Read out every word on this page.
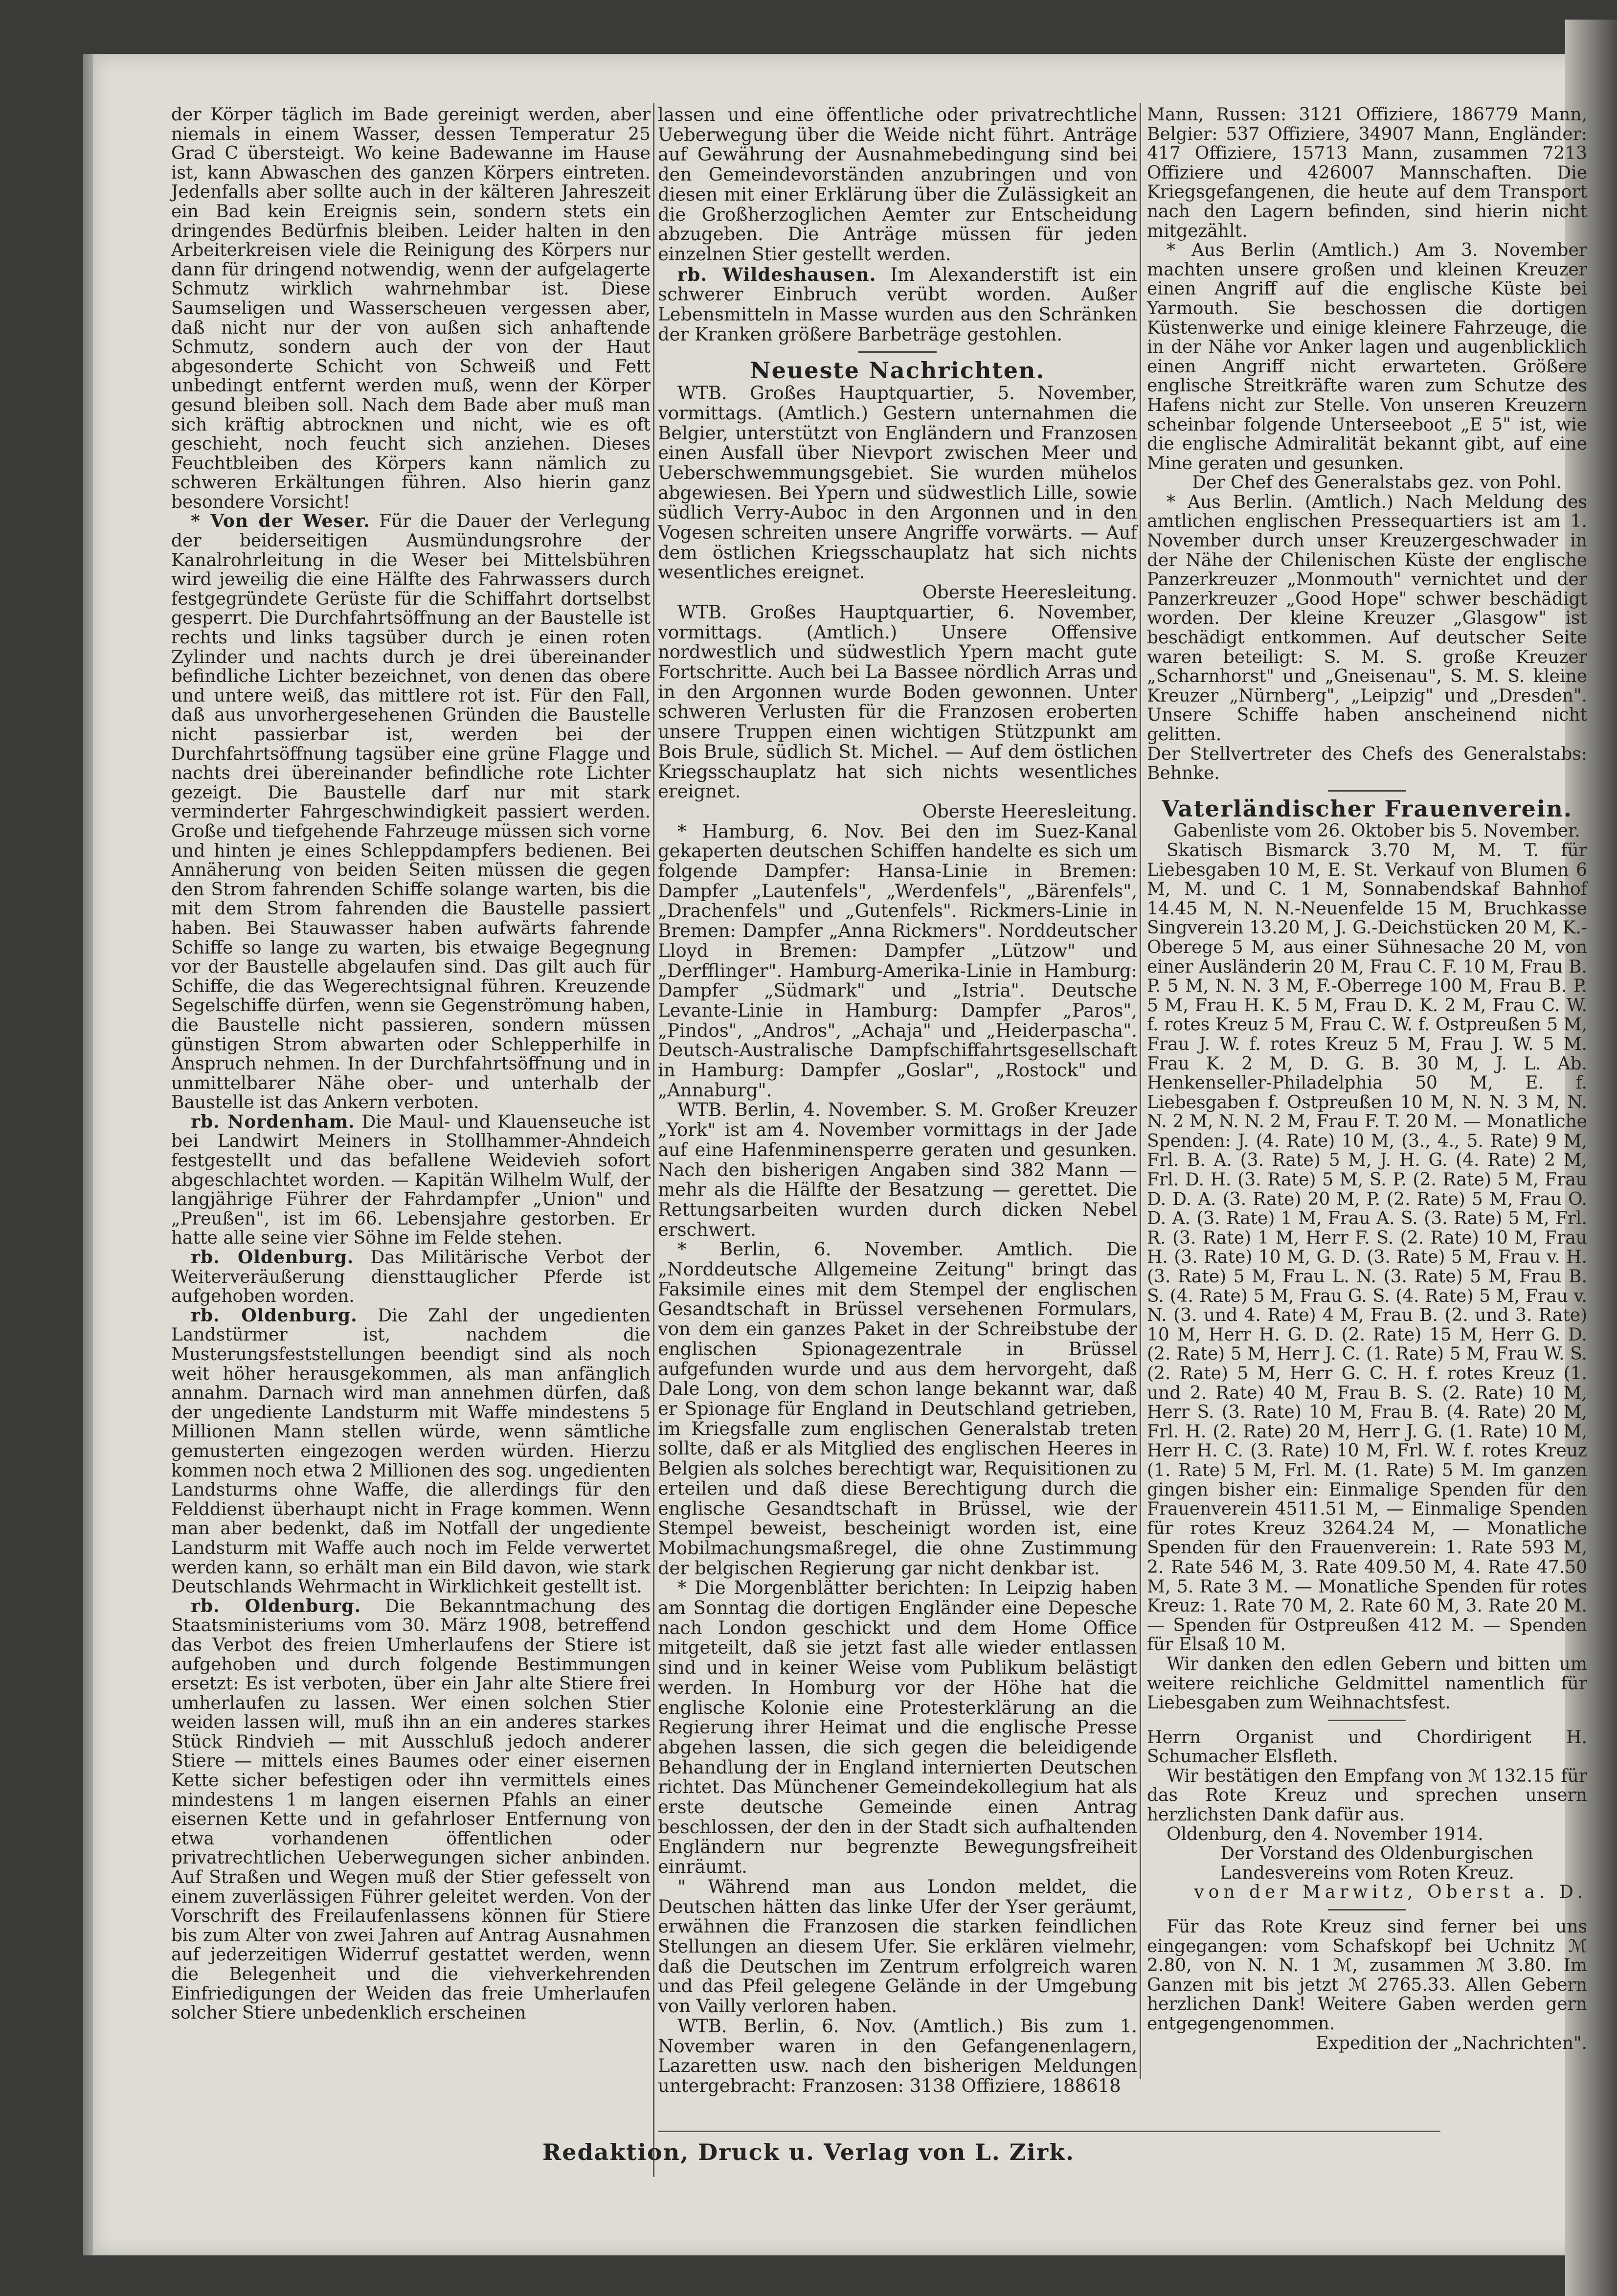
der Körper täglich im Bade gereinigt werden, aber niemals in einem Wasser, dessen Temperatur 25 Grad C übersteigt. Wo keine Badewanne im Hause ist, kann Abwaschen des ganzen Körpers eintreten. Jedenfalls aber sollte auch in der kälteren Jahreszeit ein Bad kein Ereignis sein, sondern stets ein dringendes Bedürfnis bleiben. Leider halten in den Arbeiterkreisen viele die Reinigung des Körpers nur dann für dringend notwendig, wenn der aufgelagerte Schmutz wirklich wahrnehmbar ist. Diese Saumseligen und Wasserscheuen vergessen aber, daß nicht nur der von außen sich anhaftende Schmutz, sondern auch der von der Haut abgesonderte Schicht von Schweiß und Fett unbedingt entfernt werden muß, wenn der Körper gesund bleiben soll. Nach dem Bade aber muß man sich kräftig abtrocknen und nicht, wie es oft geschieht, noch feucht sich anziehen. Dieses Feuchtbleiben des Körpers kann nämlich zu schweren Erkältungen führen. Also hierin ganz besondere Vorsicht!

* Von der Weser. Für die Dauer der Verlegung der beiderseitigen Ausmündungsrohre der Kanalrohrleitung in die Weser bei Mittelsbühren wird jeweilig die eine Hälfte des Fahrwassers durch festgegründete Gerüste für die Schiffahrt dortselbst gesperrt. Die Durchfahrtsöffnung an der Baustelle ist rechts und links tagsüber durch je einen roten Zylinder und nachts durch je drei übereinander befindliche Lichter bezeichnet, von denen das obere und untere weiß, das mittlere rot ist. Für den Fall, daß aus unvorhergesehenen Gründen die Baustelle nicht passierbar ist, werden bei der Durchfahrtsöffnung tagsüber eine grüne Flagge und nachts drei übereinander befindliche rote Lichter gezeigt. Die Baustelle darf nur mit stark verminderter Fahrgeschwindigkeit passiert werden. Große und tiefgehende Fahrzeuge müssen sich vorne und hinten je eines Schleppdampfers bedienen. Bei Annäherung von beiden Seiten müssen die gegen den Strom fahrenden Schiffe solange warten, bis die mit dem Strom fahrenden die Baustelle passiert haben. Bei Stauwasser haben aufwärts fahrende Schiffe so lange zu warten, bis etwaige Begegnung vor der Baustelle abgelaufen sind. Das gilt auch für Schiffe, die das Wegerechtsignal führen. Kreuzende Segelschiffe dürfen, wenn sie Gegenströmung haben, die Baustelle nicht passieren, sondern müssen günstigen Strom abwarten oder Schlepperhilfe in Anspruch nehmen. In der Durchfahrtsöffnung und in unmittelbarer Nähe ober- und unterhalb der Baustelle ist das Ankern verboten.

rb. Nordenham. Die Maul- und Klauenseuche ist bei Landwirt Meiners in Stollhammer-Ahndeich festgestellt und das befallene Weidevieh sofort abgeschlachtet worden. — Kapitän Wilhelm Wulf, der langjährige Führer der Fahrdampfer „Union" und „Preußen", ist im 66. Lebensjahre gestorben. Er hatte alle seine vier Söhne im Felde stehen.

rb. Oldenburg. Das Militärische Verbot der Weiterveräußerung diensttauglicher Pferde ist aufgehoben worden.

rb. Oldenburg. Die Zahl der ungedienten Landstürmer ist, nachdem die Musterungsfeststellungen beendigt sind als noch weit höher herausgekommen, als man anfänglich annahm. Darnach wird man annehmen dürfen, daß der ungediente Landsturm mit Waffe mindestens 5 Millionen Mann stellen würde, wenn sämtliche gemusterten eingezogen werden würden. Hierzu kommen noch etwa 2 Millionen des sog. ungedienten Landsturms ohne Waffe, die allerdings für den Felddienst überhaupt nicht in Frage kommen. Wenn man aber bedenkt, daß im Notfall der ungediente Landsturm mit Waffe auch noch im Felde verwertet werden kann, so erhält man ein Bild davon, wie stark Deutschlands Wehrmacht in Wirklichkeit gestellt ist.

rb. Oldenburg. Die Bekanntmachung des Staatsministeriums vom 30. März 1908, betreffend das Verbot des freien Umherlaufens der Stiere ist aufgehoben und durch folgende Bestimmungen ersetzt: Es ist verboten, über ein Jahr alte Stiere frei umherlaufen zu lassen. Wer einen solchen Stier weiden lassen will, muß ihn an ein anderes starkes Stück Rindvieh — mit Ausschluß jedoch anderer Stiere — mittels eines Baumes oder einer eisernen Kette sicher befestigen oder ihn vermittels eines mindestens 1 m langen eisernen Pfahls an einer eisernen Kette und in gefahrloser Entfernung von etwa vorhandenen öffentlichen oder privatrechtlichen Ueberwegungen sicher anbinden. Auf Straßen und Wegen muß der Stier gefesselt von einem zuverlässigen Führer geleitet werden. Von der Vorschrift des Freilaufenlassens können für Stiere bis zum Alter von zwei Jahren auf Antrag Ausnahmen auf jederzeitigen Widerruf gestattet werden, wenn die Belegenheit und die viehverkehrenden Einfriedigungen der Weiden das freie Umherlaufen solcher Stiere unbedenklich erscheinen

lassen und eine öffentliche oder privatrechtliche Ueberwegung über die Weide nicht führt. Anträge auf Gewährung der Ausnahmebedingung sind bei den Gemeindevorständen anzubringen und von diesen mit einer Erklärung über die Zulässigkeit an die Großherzoglichen Aemter zur Entscheidung abzugeben. Die Anträge müssen für jeden einzelnen Stier gestellt werden.

rb. Wildeshausen. Im Alexanderstift ist ein schwerer Einbruch verübt worden. Außer Lebensmitteln in Masse wurden aus den Schränken der Kranken größere Barbeträge gestohlen.

Neueste Nachrichten.

WTB. Großes Hauptquartier, 5. November, vormittags. (Amtlich.) Gestern unternahmen die Belgier, unterstützt von Engländern und Franzosen einen Ausfall über Nievport zwischen Meer und Ueberschwemmungsgebiet. Sie wurden mühelos abgewiesen. Bei Ypern und südwestlich Lille, sowie südlich Verry-Auboc in den Argonnen und in den Vogesen schreiten unsere Angriffe vorwärts. — Auf dem östlichen Kriegsschauplatz hat sich nichts wesentliches ereignet.

Oberste Heeresleitung.

WTB. Großes Hauptquartier, 6. November, vormittags. (Amtlich.) Unsere Offensive nordwestlich und südwestlich Ypern macht gute Fortschritte. Auch bei La Bassee nördlich Arras und in den Argonnen wurde Boden gewonnen. Unter schweren Verlusten für die Franzosen eroberten unsere Truppen einen wichtigen Stützpunkt am Bois Brule, südlich St. Michel. — Auf dem östlichen Kriegsschauplatz hat sich nichts wesentliches ereignet.

Oberste Heeresleitung.

* Hamburg, 6. Nov. Bei den im Suez-Kanal gekaperten deutschen Schiffen handelte es sich um folgende Dampfer: Hansa-Linie in Bremen: Dampfer „Lautenfels", „Werdenfels", „Bärenfels", „Drachenfels" und „Gutenfels". Rickmers-Linie in Bremen: Dampfer „Anna Rickmers". Norddeutscher Lloyd in Bremen: Dampfer „Lützow" und „Derfflinger". Hamburg-Amerika-Linie in Hamburg: Dampfer „Südmark" und „Istria". Deutsche Levante-Linie in Hamburg: Dampfer „Paros", „Pindos", „Andros", „Achaja" und „Heiderpascha". Deutsch-Australische Dampfschiffahrtsgesellschaft in Hamburg: Dampfer „Goslar", „Rostock" und „Annaburg".

WTB. Berlin, 4. November. S. M. Großer Kreuzer „York" ist am 4. November vormittags in der Jade auf eine Hafenminensperre geraten und gesunken. Nach den bisherigen Angaben sind 382 Mann — mehr als die Hälfte der Besatzung — gerettet. Die Rettungsarbeiten wurden durch dicken Nebel erschwert.

* Berlin, 6. November. Amtlich. Die „Norddeutsche Allgemeine Zeitung" bringt das Faksimile eines mit dem Stempel der englischen Gesandtschaft in Brüssel versehenen Formulars, von dem ein ganzes Paket in der Schreibstube der englischen Spionagezentrale in Brüssel aufgefunden wurde und aus dem hervorgeht, daß Dale Long, von dem schon lange bekannt war, daß er Spionage für England in Deutschland getrieben, im Kriegsfalle zum englischen Generalstab treten sollte, daß er als Mitglied des englischen Heeres in Belgien als solches berechtigt war, Requisitionen zu erteilen und daß diese Berechtigung durch die englische Gesandtschaft in Brüssel, wie der Stempel beweist, bescheinigt worden ist, eine Mobilmachungsmaßregel, die ohne Zustimmung der belgischen Regierung gar nicht denkbar ist.

* Die Morgenblätter berichten: In Leipzig haben am Sonntag die dortigen Engländer eine Depesche nach London geschickt und dem Home Office mitgeteilt, daß sie jetzt fast alle wieder entlassen sind und in keiner Weise vom Publikum belästigt werden. In Homburg vor der Höhe hat die englische Kolonie eine Protesterklärung an die Regierung ihrer Heimat und die englische Presse abgehen lassen, die sich gegen die beleidigende Behandlung der in England internierten Deutschen richtet. Das Münchener Gemeindekollegium hat als erste deutsche Gemeinde einen Antrag beschlossen, der den in der Stadt sich aufhaltenden Engländern nur begrenzte Bewegungsfreiheit einräumt.

" Während man aus London meldet, die Deutschen hätten das linke Ufer der Yser geräumt, erwähnen die Franzosen die starken feindlichen Stellungen an diesem Ufer. Sie erklären vielmehr, daß die Deutschen im Zentrum erfolgreich waren und das Pfeil gelegene Gelände in der Umgebung von Vailly verloren haben.

WTB. Berlin, 6. Nov. (Amtlich.) Bis zum 1. November waren in den Gefangenenlagern, Lazaretten usw. nach den bisherigen Meldungen untergebracht: Franzosen: 3138 Offiziere, 188618

Mann, Russen: 3121 Offiziere, 186779 Mann, Belgier: 537 Offiziere, 34907 Mann, Engländer: 417 Offiziere, 15713 Mann, zusammen 7213 Offiziere und 426007 Mannschaften. Die Kriegsgefangenen, die heute auf dem Transport nach den Lagern befinden, sind hierin nicht mitgezählt.

* Aus Berlin (Amtlich.) Am 3. November machten unsere großen und kleinen Kreuzer einen Angriff auf die englische Küste bei Yarmouth. Sie beschossen die dortigen Küstenwerke und einige kleinere Fahrzeuge, die in der Nähe vor Anker lagen und augenblicklich einen Angriff nicht erwarteten. Größere englische Streitkräfte waren zum Schutze des Hafens nicht zur Stelle. Von unseren Kreuzern scheinbar folgende Unterseeboot „E 5" ist, wie die englische Admiralität bekannt gibt, auf eine Mine geraten und gesunken.

Der Chef des Generalstabs gez. von Pohl.

* Aus Berlin. (Amtlich.) Nach Meldung des amtlichen englischen Pressequartiers ist am 1. November durch unser Kreuzergeschwader in der Nähe der Chilenischen Küste der englische Panzerkreuzer „Monmouth" vernichtet und der Panzerkreuzer „Good Hope" schwer beschädigt worden. Der kleine Kreuzer „Glasgow" ist beschädigt entkommen. Auf deutscher Seite waren beteiligt: S. M. S. große Kreuzer „Scharnhorst" und „Gneisenau", S. M. S. kleine Kreuzer „Nürnberg", „Leipzig" und „Dresden". Unsere Schiffe haben anscheinend nicht gelitten.

Der Stellvertreter des Chefs des Generalstabs: Behnke.

Vaterländischer Frauenverein.

Gabenliste vom 26. Oktober bis 5. November.

Skatisch Bismarck 3.70 M, M. T. für Liebesgaben 10 M, E. St. Verkauf von Blumen 6 M, M. und C. 1 M, Sonnabendskaf Bahnhof 14.45 M, N. N.-Neuenfelde 15 M, Bruchkasse Singverein 13.20 M, J. G.-Deichstücken 20 M, K.-Oberege 5 M, aus einer Sühnesache 20 M, von einer Ausländerin 20 M, Frau C. F. 10 M, Frau B. P. 5 M, N. N. 3 M, F.-Oberrege 100 M, Frau B. P. 5 M, Frau H. K. 5 M, Frau D. K. 2 M, Frau C. W. f. rotes Kreuz 5 M, Frau C. W. f. Ostpreußen 5 M, Frau J. W. f. rotes Kreuz 5 M, Frau J. W. 5 M. Frau K. 2 M, D. G. B. 30 M, J. L. Ab. Henkenseller-Philadelphia 50 M, E. f. Liebesgaben f. Ostpreußen 10 M, N. N. 3 M, N. N. 2 M, N. N. 2 M, Frau F. T. 20 M. — Monatliche Spenden: J. (4. Rate) 10 M, (3., 4., 5. Rate) 9 M, Frl. B. A. (3. Rate) 5 M, J. H. G. (4. Rate) 2 M, Frl. D. H. (3. Rate) 5 M, S. P. (2. Rate) 5 M, Frau D. D. A. (3. Rate) 20 M, P. (2. Rate) 5 M, Frau O. D. A. (3. Rate) 1 M, Frau A. S. (3. Rate) 5 M, Frl. R. (3. Rate) 1 M, Herr F. S. (2. Rate) 10 M, Frau H. (3. Rate) 10 M, G. D. (3. Rate) 5 M, Frau v. H. (3. Rate) 5 M, Frau L. N. (3. Rate) 5 M, Frau B. S. (4. Rate) 5 M, Frau G. S. (4. Rate) 5 M, Frau v. N. (3. und 4. Rate) 4 M, Frau B. (2. und 3. Rate) 10 M, Herr H. G. D. (2. Rate) 15 M, Herr G. D. (2. Rate) 5 M, Herr J. C. (1. Rate) 5 M, Frau W. S. (2. Rate) 5 M, Herr G. C. H. f. rotes Kreuz (1. und 2. Rate) 40 M, Frau B. S. (2. Rate) 10 M, Herr S. (3. Rate) 10 M, Frau B. (4. Rate) 20 M, Frl. H. (2. Rate) 20 M, Herr J. G. (1. Rate) 10 M, Herr H. C. (3. Rate) 10 M, Frl. W. f. rotes Kreuz (1. Rate) 5 M, Frl. M. (1. Rate) 5 M. Im ganzen gingen bisher ein: Einmalige Spenden für den Frauenverein 4511.51 M, — Einmalige Spenden für rotes Kreuz 3264.24 M, — Monatliche Spenden für den Frauenverein: 1. Rate 593 M, 2. Rate 546 M, 3. Rate 409.50 M, 4. Rate 47.50 M, 5. Rate 3 M. — Monatliche Spenden für rotes Kreuz: 1. Rate 70 M, 2. Rate 60 M, 3. Rate 20 M. — Spenden für Ostpreußen 412 M. — Spenden für Elsaß 10 M.

Wir danken den edlen Gebern und bitten um weitere reichliche Geldmittel namentlich für Liebesgaben zum Weihnachtsfest.

Herrn Organist und Chordirigent H. Schumacher Elsfleth.

Wir bestätigen den Empfang von ℳ 132.15 für das Rote Kreuz und sprechen unsern herzlichsten Dank dafür aus.

Oldenburg, den 4. November 1914.

Der Vorstand des Oldenburgischen Landesvereins vom Roten Kreuz.

von der Marwitz, Oberst a. D.

Für das Rote Kreuz sind ferner bei uns eingegangen: vom Schafskopf bei Uchnitz ℳ 2.80, von N. N. 1 ℳ, zusammen ℳ 3.80. Im Ganzen mit bis jetzt ℳ 2765.33. Allen Gebern herzlichen Dank! Weitere Gaben werden gern entgegengenommen.

Expedition der „Nachrichten".

Redaktion, Druck u. Verlag von L. Zirk.
